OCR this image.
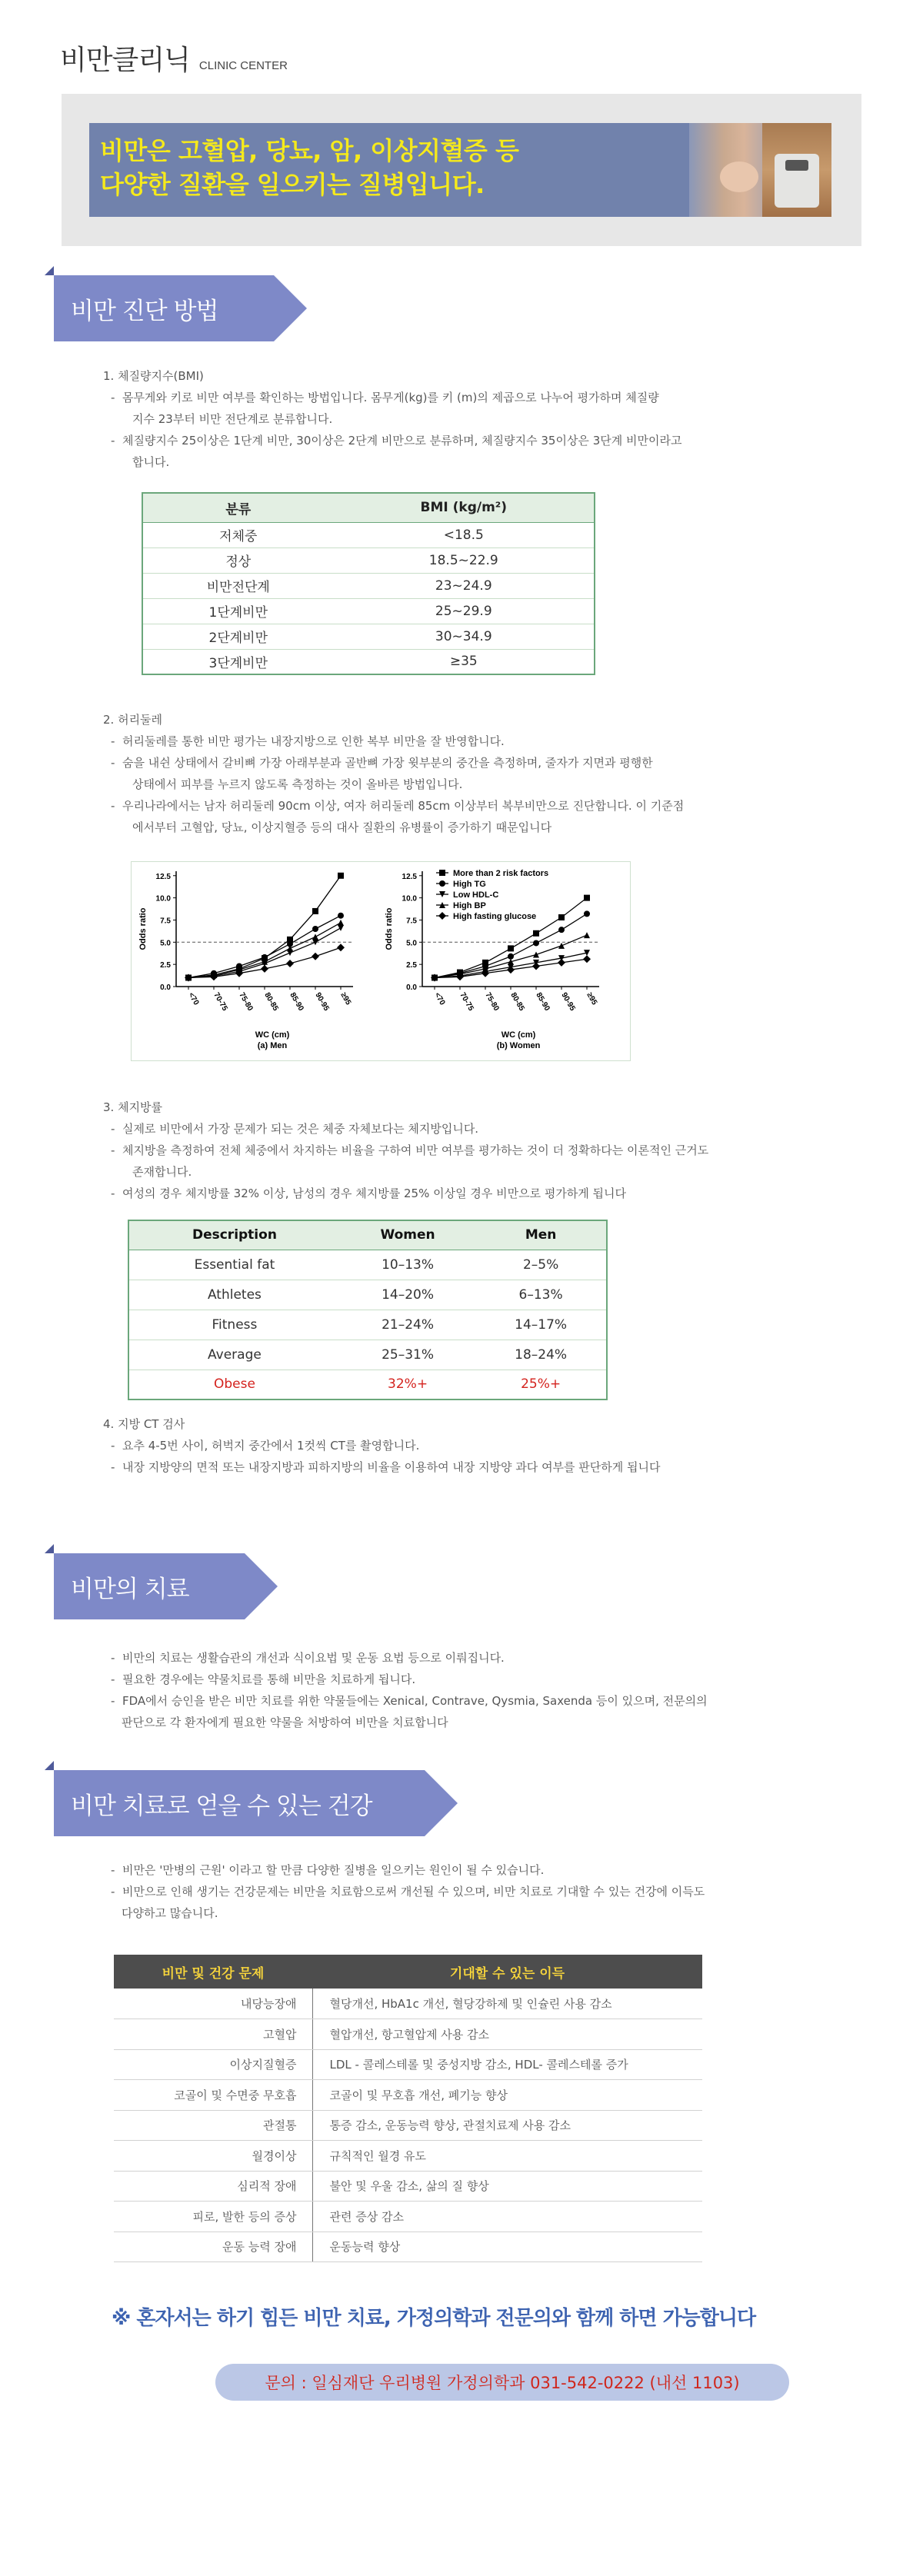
비만클리닉 CLINIC CENTER
비만은 고혈압, 당뇨, 암, 이상지혈증 등
다양한 질환을 일으키는 질병입니다.
비만 진단 방법

1. 체질량지수(BMI)

-  몸무게와 키로 비만 여부를 확인하는 방법입니다. 몸무게(kg)를 키 (m)의 제곱으로 나누어 평가하며 체질량

지수 23부터 비만 전단계로 분류합니다.

-  체질량지수 25이상은 1단계 비만, 30이상은 2단계 비만으로 분류하며, 체질량지수 35이상은 3단계 비만이라고

합니다.

분류	BMI (kg/m²)
저체중	<18.5
정상	18.5~22.9
비만전단계	23~24.9
1단계비만	25~29.9
2단계비만	30~34.9
3단계비만	≥35

2. 허리둘레

-  허리둘레를 통한 비만 평가는 내장지방으로 인한 복부 비만을 잘 반영합니다.

-  숨을 내쉰 상태에서 갈비뼈 가장 아래부분과 골반뼈 가장 윗부분의 중간을 측정하며, 줄자가 지면과 평행한

상태에서 피부를 누르지 않도록 측정하는 것이 올바른 방법입니다.

-  우리나라에서는 남자 허리둘레 90cm 이상, 여자 허리둘레 85cm 이상부터 복부비만으로 진단합니다. 이 기준점

에서부터 고혈압, 당뇨, 이상지혈증 등의 대사 질환의 유병률이 증가하기 때문입니다

0.0
2.5
5.0
7.5
10.0
12.5
<70 70-75 75-80 80-85 85-90 90-95 ≥95
Odds ratio
WC (cm)
(a) Men
0.0
2.5
5.0
7.5
10.0
12.5
<70 70-75 75-80 80-85 85-90 90-95 ≥95
Odds ratio
WC (cm)
(b) Women
More than 2 risk factors
High TG
Low HDL-C
High BP
High fasting glucose

3. 체지방률

-  실제로 비만에서 가장 문제가 되는 것은 체중 자체보다는 체지방입니다.

-  체지방을 측정하여 전체 체중에서 차지하는 비율을 구하여 비만 여부를 평가하는 것이 더 정확하다는 이론적인 근거도

존재합니다.

-  여성의 경우 체지방률 32% 이상, 남성의 경우 체지방률 25% 이상일 경우 비만으로 평가하게 됩니다

Description	Women	Men
Essential fat	10–13%	2–5%
Athletes	14–20%	6–13%
Fitness	21–24%	14–17%
Average	25–31%	18–24%
Obese	32%+	25%+

4. 지방 CT 검사

-  요추 4-5번 사이, 허벅지 중간에서 1컷씩 CT를 촬영합니다.

-  내장 지방양의 면적 또는 내장지방과 피하지방의 비율을 이용하여 내장 지방양 과다 여부를 판단하게 됩니다

비만의 치료

-  비만의 치료는 생활습관의 개선과 식이요법 및 운동 요법 등으로 이뤄집니다.

-  필요한 경우에는 약물치료를 통해 비만을 치료하게 됩니다.

-  FDA에서 승인을 받은 비만 치료를 위한 약물들에는 Xenical, Contrave, Qysmia, Saxenda 등이 있으며, 전문의의

판단으로 각 환자에게 필요한 약물을 처방하여 비만을 치료합니다

비만 치료로 얻을 수 있는 건강

-  비만은 '만병의 근원' 이라고 할 만큼 다양한 질병을 일으키는 원인이 될 수 있습니다.

-  비만으로 인해 생기는 건강문제는 비만을 치료함으로써 개선될 수 있으며, 비만 치료로 기대할 수 있는 건강에 이득도

다양하고 많습니다.

비만 및 건강 문제	기대할 수 있는 이득
내당능장애	혈당개선, HbA1c 개선, 혈당강하제 및 인슐린 사용 감소
고혈압	혈압개선, 항고혈압제 사용 감소
이상지질혈증	LDL - 콜레스테롤 및 중성지방 감소, HDL- 콜레스테롤 증가
코골이 및 수면중 무호흡	코골이 및 무호흡 개선, 폐기능 향상
관절통	통증 감소, 운동능력 향상, 관절치료제 사용 감소
월경이상	규칙적인 월경 유도
심리적 장애	불안 및 우울 감소, 삶의 질 향상
피로, 발한 등의 증상	관련 증상 감소
운동 능력 장애	운동능력 향상
※ 혼자서는 하기 힘든 비만 치료, 가정의학과 전문의와 함께 하면 가능합니다
문의 : 일심재단 우리병원 가정의학과 031-542-0222 (내선 1103)
